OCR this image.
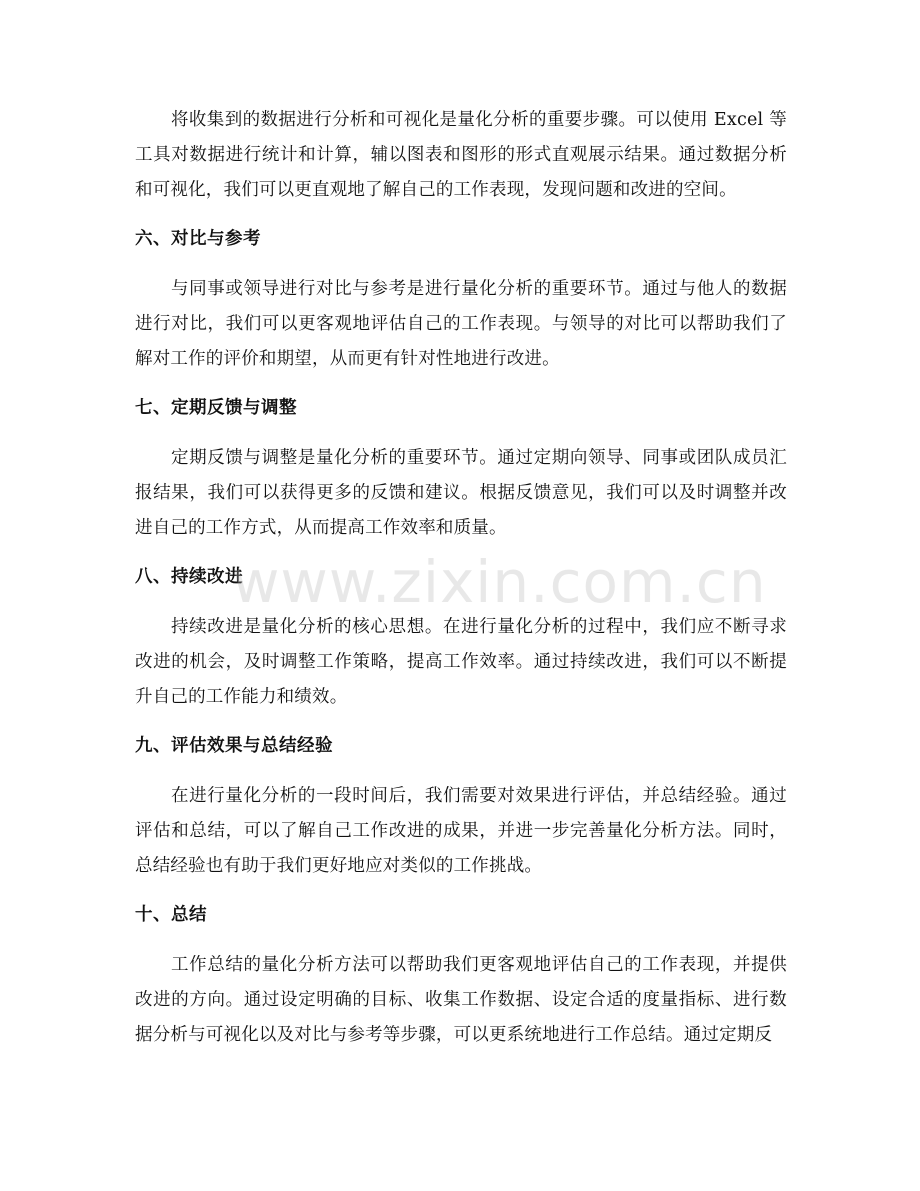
将收集到的数据进行分析和可视化是量化分析的重要步骤。可以使用 Excel 等工具对数据进行统计和计算，辅以图表和图形的形式直观展示结果。通过数据分析和可视化，我们可以更直观地了解自己的工作表现，发现问题和改进的空间。

六、对比与参考

与同事或领导进行对比与参考是进行量化分析的重要环节。通过与他人的数据进行对比，我们可以更客观地评估自己的工作表现。与领导的对比可以帮助我们了解对工作的评价和期望，从而更有针对性地进行改进。

七、定期反馈与调整

定期反馈与调整是量化分析的重要环节。通过定期向领导、同事或团队成员汇报结果，我们可以获得更多的反馈和建议。根据反馈意见，我们可以及时调整并改进自己的工作方式，从而提高工作效率和质量。

八、持续改进

持续改进是量化分析的核心思想。在进行量化分析的过程中，我们应不断寻求改进的机会，及时调整工作策略，提高工作效率。通过持续改进，我们可以不断提升自己的工作能力和绩效。

九、评估效果与总结经验

在进行量化分析的一段时间后，我们需要对效果进行评估，并总结经验。通过评估和总结，可以了解自己工作改进的成果，并进一步完善量化分析方法。同时，总结经验也有助于我们更好地应对类似的工作挑战。

十、总结

工作总结的量化分析方法可以帮助我们更客观地评估自己的工作表现，并提供改进的方向。通过设定明确的目标、收集工作数据、设定合适的度量指标、进行数据分析与可视化以及对比与参考等步骤，可以更系统地进行工作总结。通过定期反

www.zixin.com.cn
